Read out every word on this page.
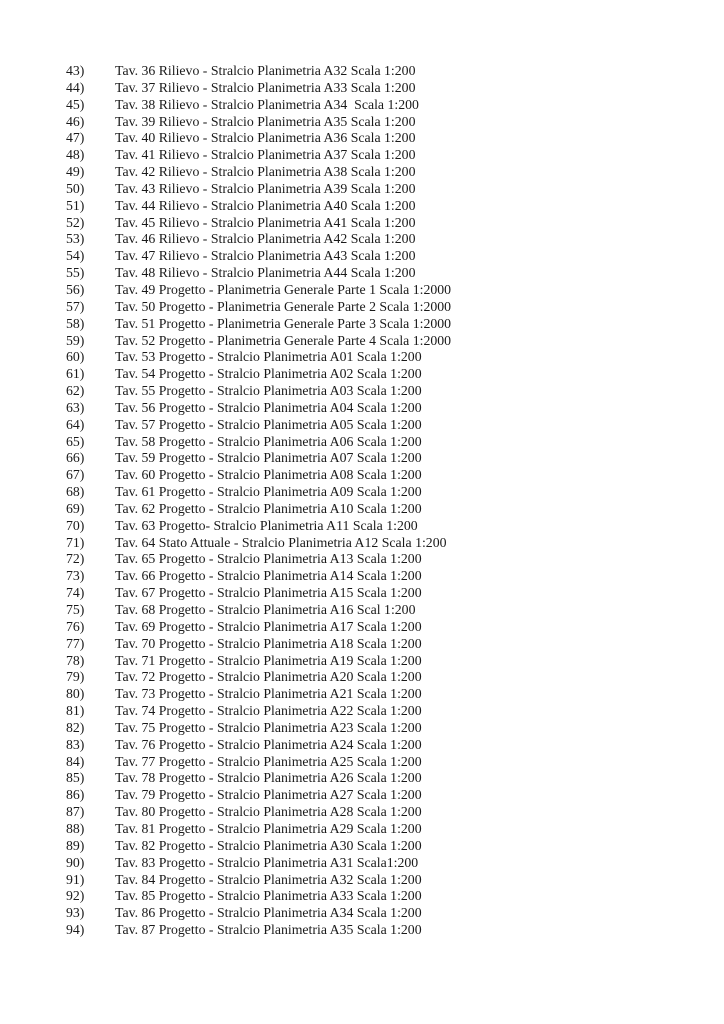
43)	Tav. 36 Rilievo - Stralcio Planimetria A32 Scala 1:200
44)	Tav. 37 Rilievo - Stralcio Planimetria A33 Scala 1:200
45)	Tav. 38 Rilievo - Stralcio Planimetria A34  Scala 1:200
46)	Tav. 39 Rilievo - Stralcio Planimetria A35 Scala 1:200
47)	Tav. 40 Rilievo - Stralcio Planimetria A36 Scala 1:200
48)	Tav. 41 Rilievo - Stralcio Planimetria A37 Scala 1:200
49)	Tav. 42 Rilievo - Stralcio Planimetria A38 Scala 1:200
50)	Tav. 43 Rilievo - Stralcio Planimetria A39 Scala 1:200
51)	Tav. 44 Rilievo - Stralcio Planimetria A40 Scala 1:200
52)	Tav. 45 Rilievo - Stralcio Planimetria A41 Scala 1:200
53)	Tav. 46 Rilievo - Stralcio Planimetria A42 Scala 1:200
54)	Tav. 47 Rilievo - Stralcio Planimetria A43 Scala 1:200
55)	Tav. 48 Rilievo - Stralcio Planimetria A44 Scala 1:200
56)	Tav. 49 Progetto - Planimetria Generale Parte 1 Scala 1:2000
57)	Tav. 50 Progetto - Planimetria Generale Parte 2 Scala 1:2000
58)	Tav. 51 Progetto - Planimetria Generale Parte 3 Scala 1:2000
59)	Tav. 52 Progetto - Planimetria Generale Parte 4 Scala 1:2000
60)	Tav. 53 Progetto - Stralcio Planimetria A01 Scala 1:200
61)	Tav. 54 Progetto - Stralcio Planimetria A02 Scala 1:200
62)	Tav. 55 Progetto - Stralcio Planimetria A03 Scala 1:200
63)	Tav. 56 Progetto - Stralcio Planimetria A04 Scala 1:200
64)	Tav. 57 Progetto - Stralcio Planimetria A05 Scala 1:200
65)	Tav. 58 Progetto - Stralcio Planimetria A06 Scala 1:200
66)	Tav. 59 Progetto - Stralcio Planimetria A07 Scala 1:200
67)	Tav. 60 Progetto - Stralcio Planimetria A08 Scala 1:200
68)	Tav. 61 Progetto - Stralcio Planimetria A09 Scala 1:200
69)	Tav. 62 Progetto - Stralcio Planimetria A10 Scala 1:200
70)	Tav. 63 Progetto- Stralcio Planimetria A11 Scala 1:200
71)	Tav. 64 Stato Attuale - Stralcio Planimetria A12 Scala 1:200
72)	Tav. 65 Progetto - Stralcio Planimetria A13 Scala 1:200
73)	Tav. 66 Progetto - Stralcio Planimetria A14 Scala 1:200
74)	Tav. 67 Progetto - Stralcio Planimetria A15 Scala 1:200
75)	Tav. 68 Progetto - Stralcio Planimetria A16 Scal 1:200
76)	Tav. 69 Progetto - Stralcio Planimetria A17 Scala 1:200
77)	Tav. 70 Progetto - Stralcio Planimetria A18 Scala 1:200
78)	Tav. 71 Progetto - Stralcio Planimetria A19 Scala 1:200
79)	Tav. 72 Progetto - Stralcio Planimetria A20 Scala 1:200
80)	Tav. 73 Progetto - Stralcio Planimetria A21 Scala 1:200
81)	Tav. 74 Progetto - Stralcio Planimetria A22 Scala 1:200
82)	Tav. 75 Progetto - Stralcio Planimetria A23 Scala 1:200
83)	Tav. 76 Progetto - Stralcio Planimetria A24 Scala 1:200
84)	Tav. 77 Progetto - Stralcio Planimetria A25 Scala 1:200
85)	Tav. 78 Progetto - Stralcio Planimetria A26 Scala 1:200
86)	Tav. 79 Progetto - Stralcio Planimetria A27 Scala 1:200
87)	Tav. 80 Progetto - Stralcio Planimetria A28 Scala 1:200
88)	Tav. 81 Progetto - Stralcio Planimetria A29 Scala 1:200
89)	Tav. 82 Progetto - Stralcio Planimetria A30 Scala 1:200
90)	Tav. 83 Progetto - Stralcio Planimetria A31 Scala1:200
91)	Tav. 84 Progetto - Stralcio Planimetria A32 Scala 1:200
92)	Tav. 85 Progetto - Stralcio Planimetria A33 Scala 1:200
93)	Tav. 86 Progetto - Stralcio Planimetria A34 Scala 1:200
94)	Tav. 87 Progetto - Stralcio Planimetria A35 Scala 1:200
